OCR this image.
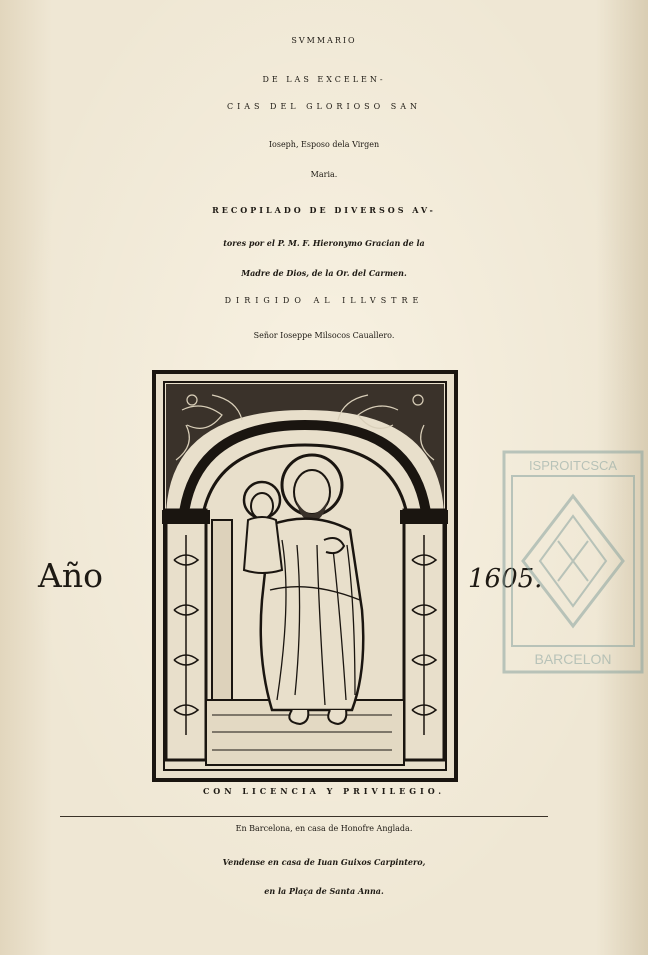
SVMMARIO
DE LAS EXCELEN-
CIAS DEL GLORIOSO SAN
Ioseph, Esposo dela Virgen
Maria.
RECOPILADO DE DIVERSOS AV-
tores por el P. M. F. Hieronymo Gracian de la
Madre de Dios, de la Or. del Carmen.
DIRIGIDO AL ILLVSTRE
Señor Ioseppe Milsocos Cauallero.
Año	1605.
ISPROITCSCA
BARCELON
CON LICENCIA Y PRIVILEGIO.
En Barcelona, en casa de Honofre Anglada.
Vendense en casa de Iuan Guixos Carpintero,
en la Plaça de Santa Anna.
